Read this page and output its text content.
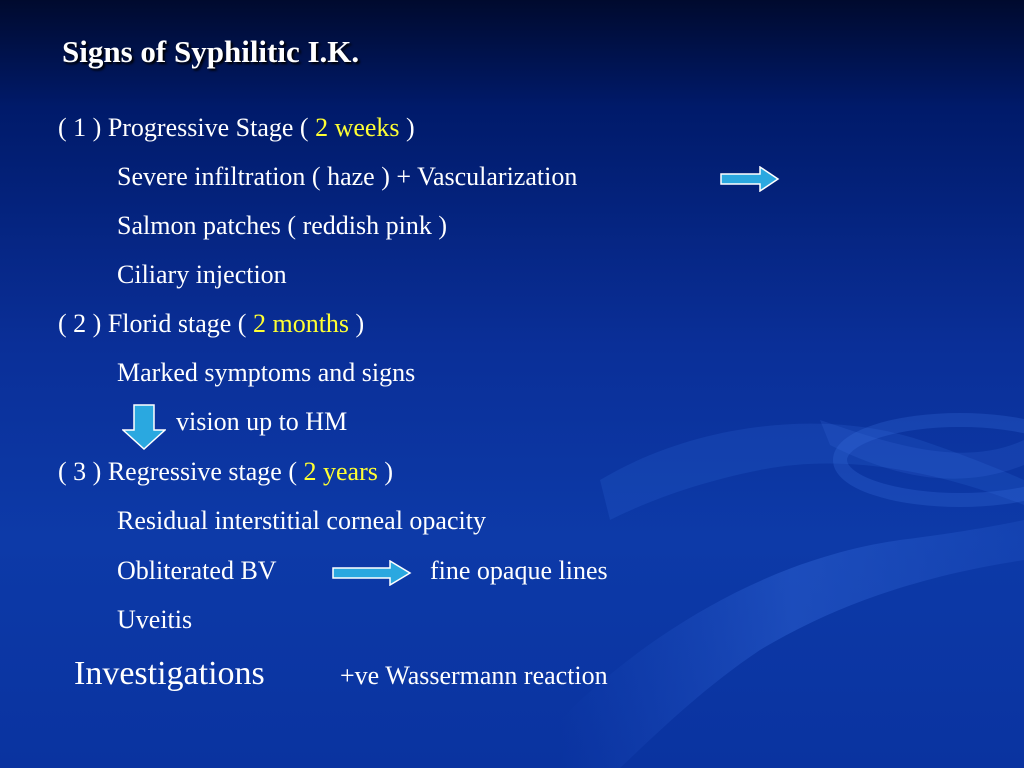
Signs of Syphilitic I.K.
( 1 ) Progressive Stage ( 2 weeks )
Severe infiltration ( haze ) + Vascularization
Salmon patches ( reddish pink )
Ciliary injection
( 2 ) Florid stage ( 2 months )
Marked symptoms and signs
vision up to HM
( 3 ) Regressive stage ( 2 years )
Residual interstitial corneal opacity
Obliterated BV	fine opaque lines
Uveitis
Investigations	+ve Wassermann reaction
